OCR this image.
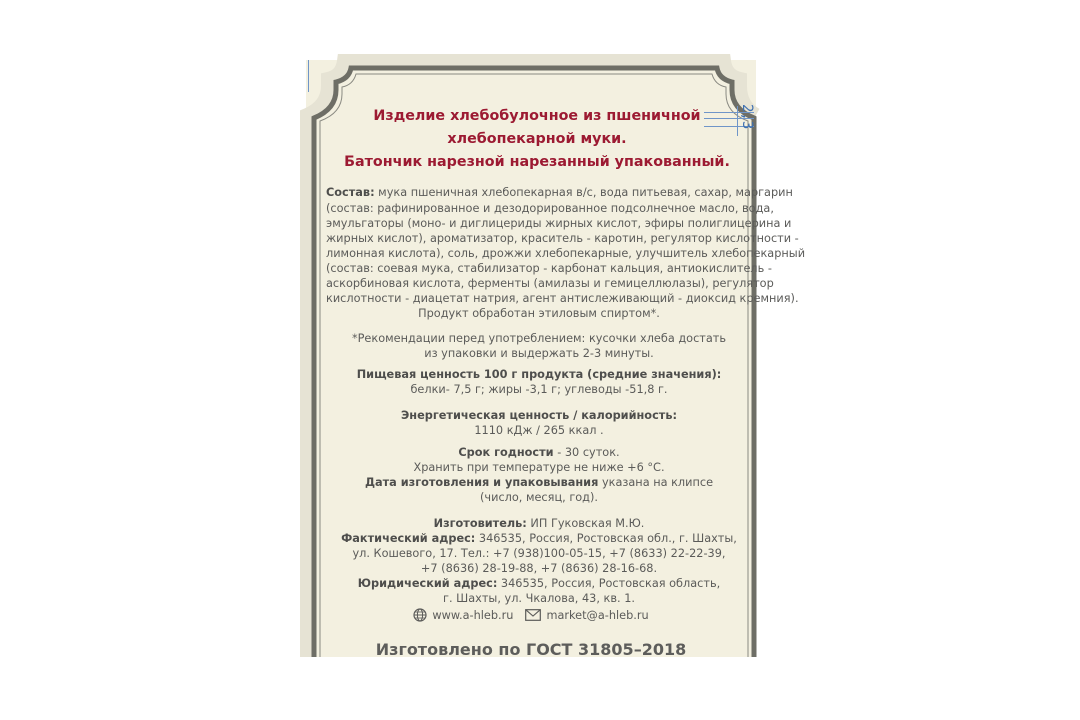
2,3
Изделие хлебобулочное из пшеничной
хлебопекарной муки.
Батончик нарезной нарезанный упакованный.
Состав: мука пшеничная хлебопекарная в/с, вода питьевая, сахар, маргарин
(состав: рафинированное и дезодорированное подсолнечное масло, вода,
эмульгаторы (моно- и диглицериды жирных кислот, эфиры полиглицерина и
жирных кислот), ароматизатор, краситель - каротин, регулятор кислотности -
лимонная кислота), соль, дрожжи хлебопекарные, улучшитель хлебопекарный
(состав: соевая мука, стабилизатор - карбонат кальция, антиокислитель -
аскорбиновая кислота, ферменты (амилазы и гемицеллюлазы), регулятор
кислотности - диацетат натрия, агент антислеживающий - диоксид кремния).
Продукт обработан этиловым спиртом*.
*Рекомендации перед употреблением: кусочки хлеба достать
из упаковки и выдержать 2-3 минуты.
Пищевая ценность 100 г продукта (средние значения):
белки- 7,5 г; жиры -3,1 г; углеводы -51,8 г.
Энергетическая ценность / калорийность:
1110 кДж / 265 ккал .
Срок годности - 30 суток.
Хранить при температуре не ниже +6 °С.
Дата изготовления и упаковывания указана на клипсе
(число, месяц, год).
Изготовитель: ИП Гуковская М.Ю.
Фактический адрес: 346535, Россия, Ростовская обл., г. Шахты,
ул. Кошевого, 17. Тел.: +7 (938)100-05-15, +7 (8633) 22-22-39,
+7 (8636) 28-19-88, +7 (8636) 28-16-68.
Юридический адрес: 346535, Россия, Ростовская область,
г. Шахты, ул. Чкалова, 43, кв. 1.
www.a-hleb.ru	market@a-hleb.ru
Изготовлено по ГОСТ 31805–2018
